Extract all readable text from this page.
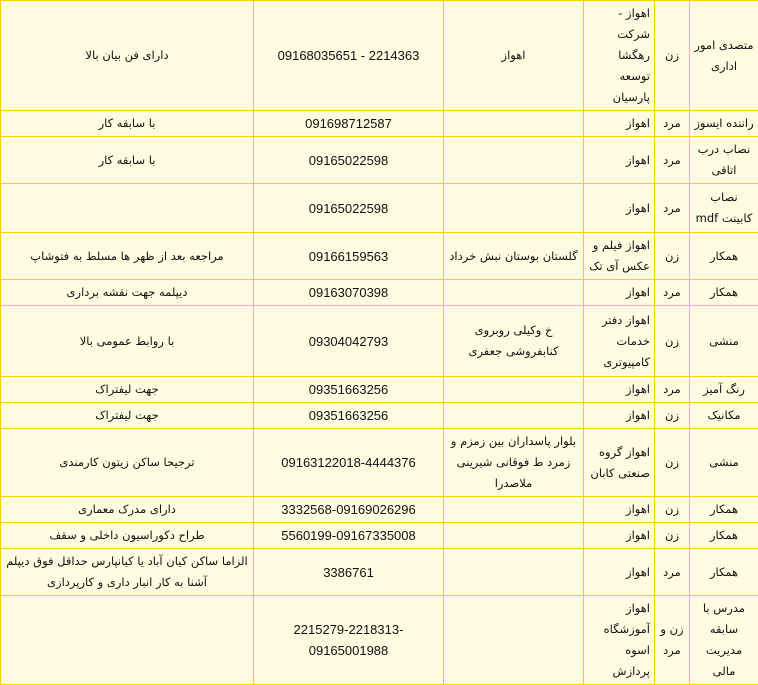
متصدی امور اداری	زن	اهواز - شرکت رهگشا توسعه پارسیان	اهواز	2214363 - 09168035651	دارای فن بیان بالا
راننده ایسوز	مرد	اهواز		091698712587	با سابقه کار
نصاب درب اتاقی	مرد	اهواز		09165022598	با سابقه کار
نصاب کابینت mdf	مرد	اهواز		09165022598	
همکار	زن	اهواز فیلم و عکس آی تک	گلستان بوستان نبش خرداد	09166159563	مراجعه بعد از ظهر ها مسلط به فتوشاپ
همکار	مرد	اهواز		09163070398	دیپلمه جهت نقشه برداری
منشی	زن	اهواز دفتر خدمات کامپیوتری	خ وکیلی روبروی کنابفروشی جعفری	09304042793	با روابط عمومی بالا
رنگ آمیز	مرد	اهواز		09351663256	جهت لیفتراک
مکانیک	زن	اهواز		09351663256	جهت لیفتراک
منشی	زن	اهواز گروه صنعتی کابان	بلوار پاسداران بین زمزم و زمرد ط فوقانی شیرینی ملاصدرا	09163122018-4444376	ترجیحا ساکن زیتون کارمندی
همکار	زن	اهواز		3332568-09169026296	دارای مدرک معماری
همکار	زن	اهواز		5560199-09167335008	طراح دکوراسیون داخلی و سقف
همکار	مرد	اهواز		3386761	الزاما ساکن کیان آباد یا کیانپارس حداقل فوق دیپلم آشنا به کار انبار داری و کارپردازی
مدرس با سابقه مدیریت مالی	زن و مرد	اهواز آموزشگاه اسوه پردازش		2215279-2218313-09165001988	
